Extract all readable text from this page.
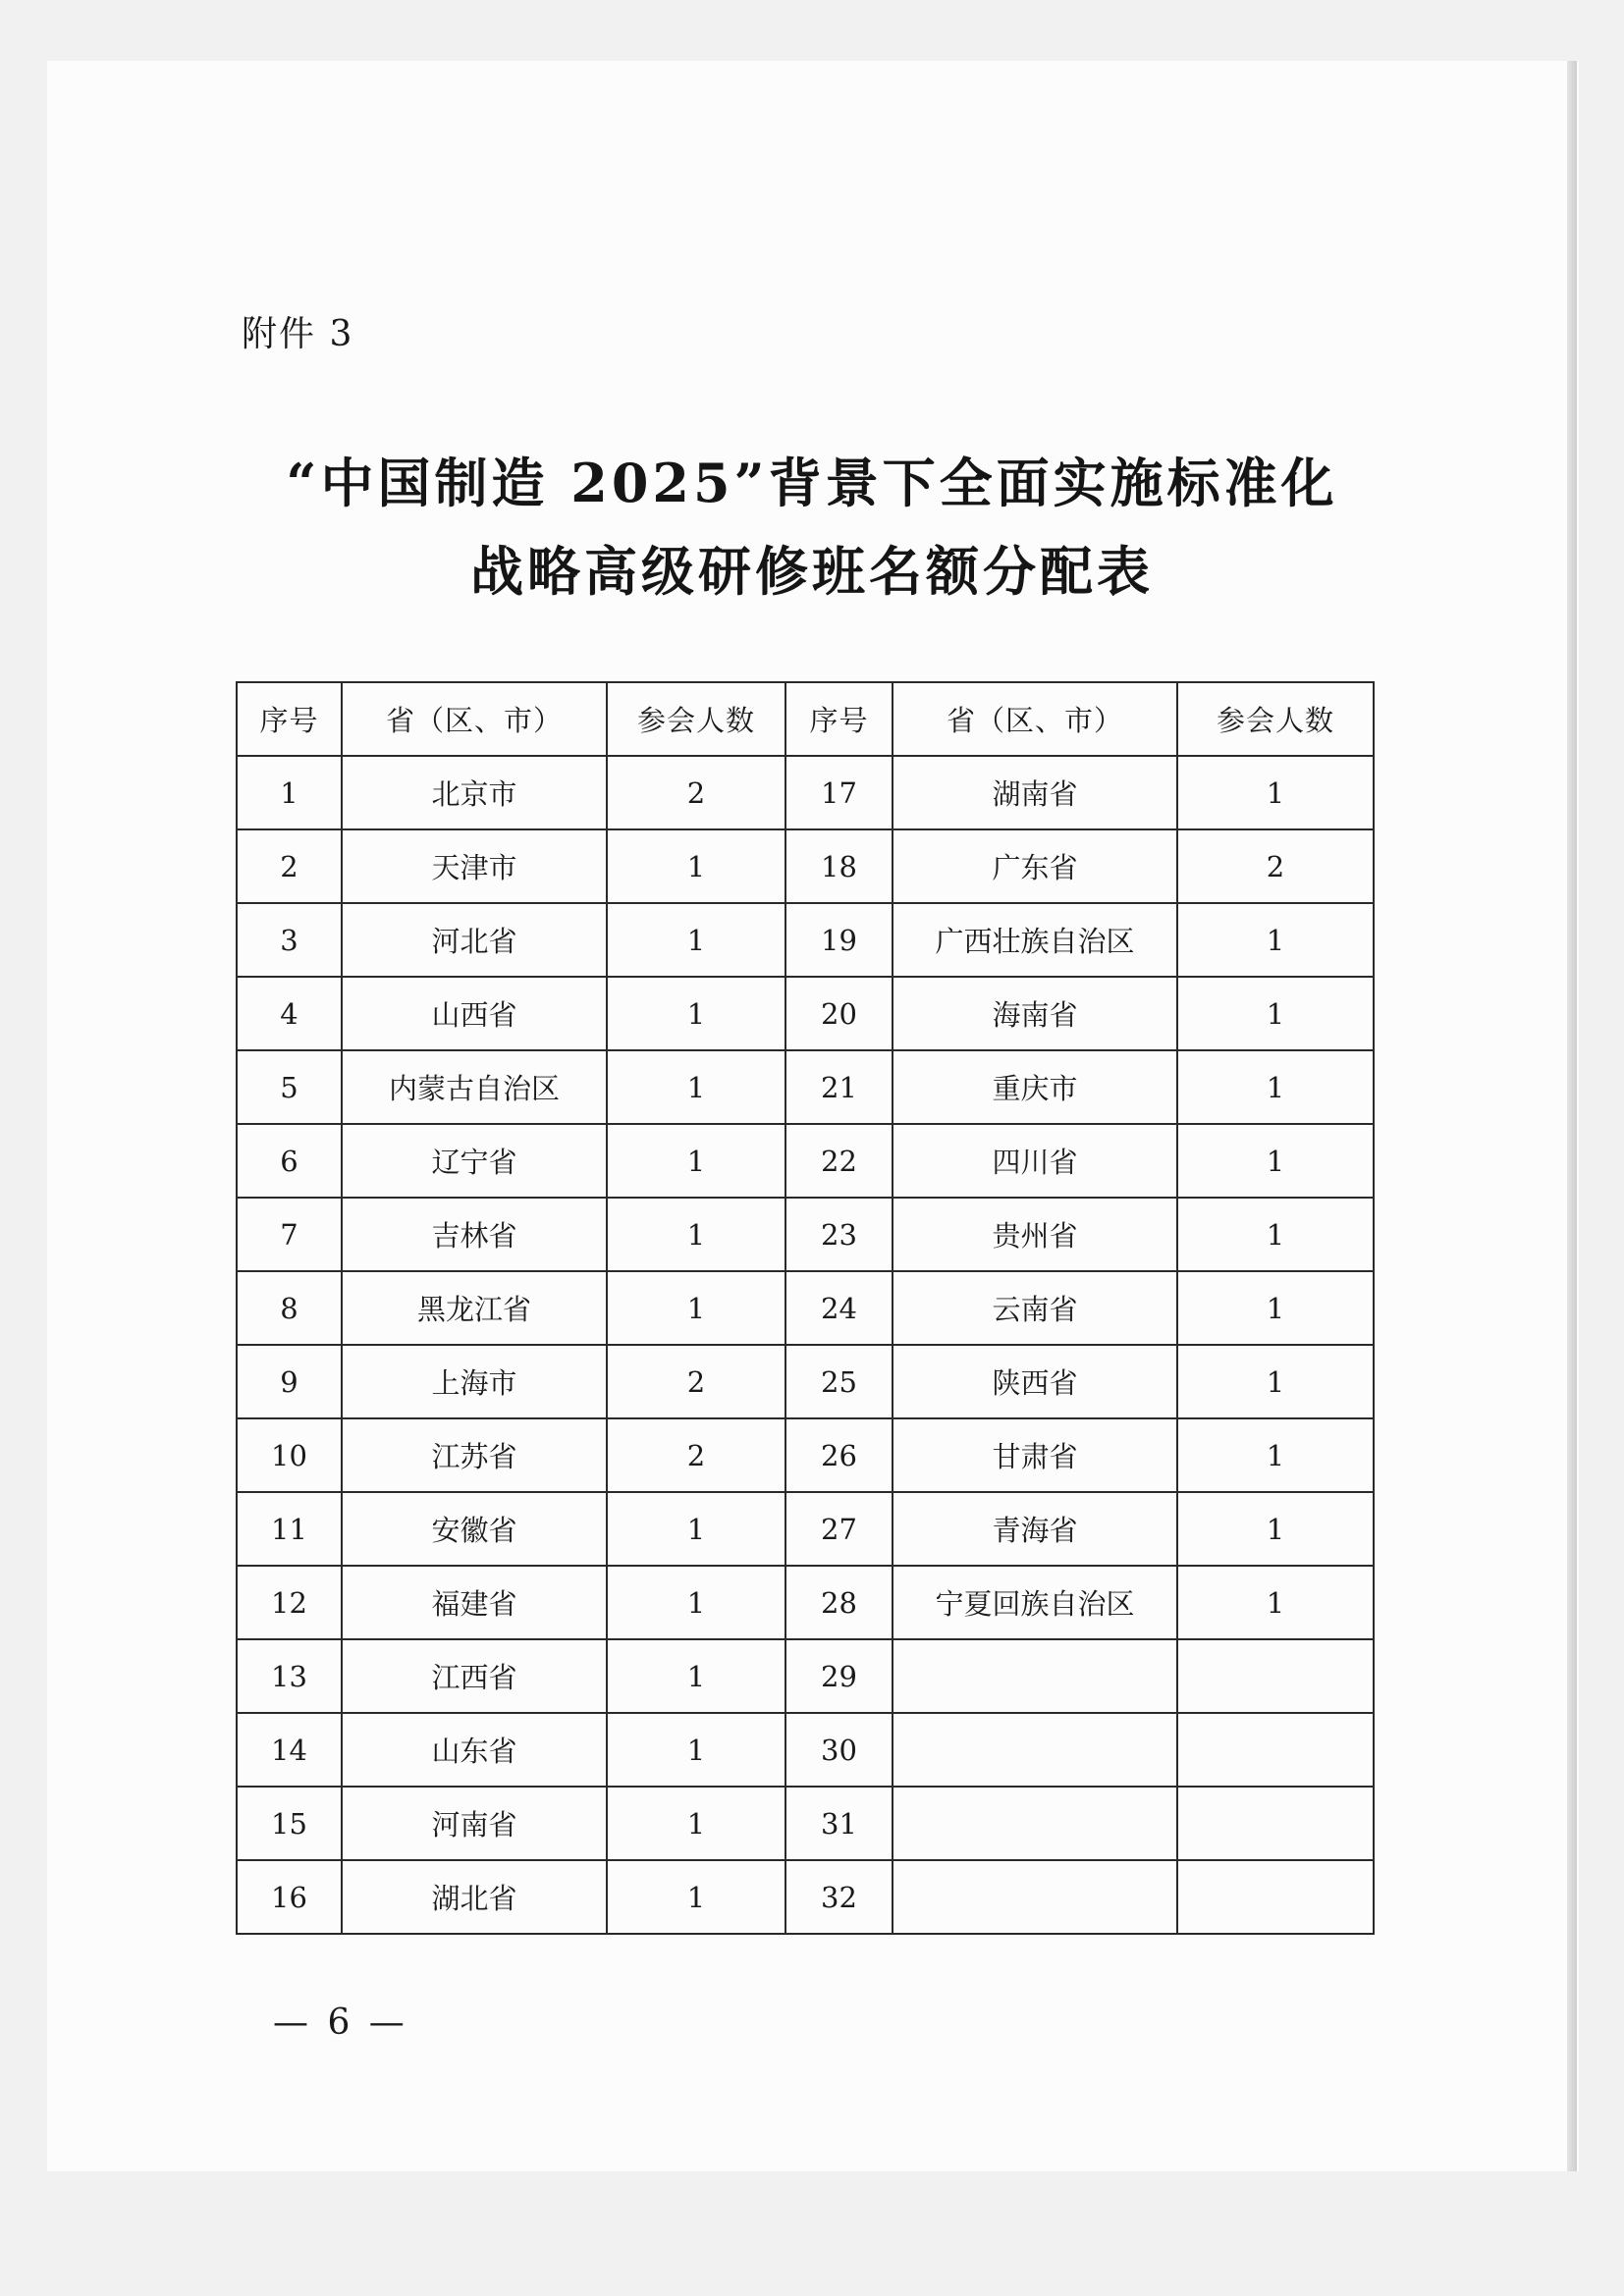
附件 3
“中国制造 2025”背景下全面实施标准化
战略高级研修班名额分配表
序号	省（区、市）	参会人数	序号	省（区、市）	参会人数
1	北京市	2	17	湖南省	1
2	天津市	1	18	广东省	2
3	河北省	1	19	广西壮族自治区	1
4	山西省	1	20	海南省	1
5	内蒙古自治区	1	21	重庆市	1
6	辽宁省	1	22	四川省	1
7	吉林省	1	23	贵州省	1
8	黑龙江省	1	24	云南省	1
9	上海市	2	25	陕西省	1
10	江苏省	2	26	甘肃省	1
11	安徽省	1	27	青海省	1
12	福建省	1	28	宁夏回族自治区	1
13	江西省	1	29		
14	山东省	1	30		
15	河南省	1	31		
16	湖北省	1	32		
— 6 —
